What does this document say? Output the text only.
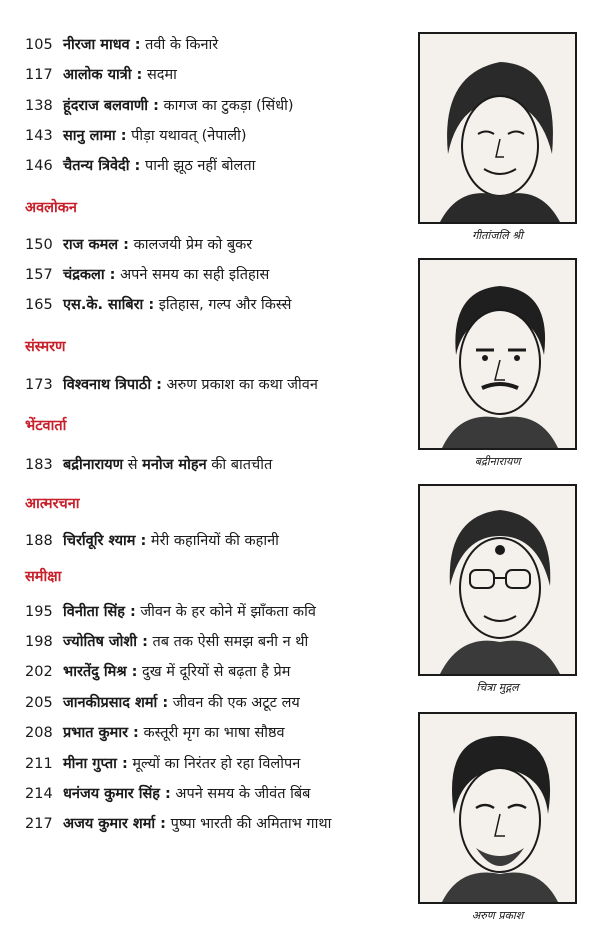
105 नीरजा माधव : तवी के किनारे
117 आलोक यात्री : सदमा
138 हूंदराज बलवाणी : कागज का टुकड़ा (सिंधी)
143 सानु लामा : पीड़ा यथावत् (नेपाली)
146 चैतन्य त्रिवेदी : पानी झूठ नहीं बोलता
अवलोकन
150 राज कमल : कालजयी प्रेम को बुकर
157 चंद्रकला : अपने समय का सही इतिहास
165 एस.के. साबिरा : इतिहास, गल्प और किस्से
संस्मरण
173 विश्वनाथ त्रिपाठी : अरुण प्रकाश का कथा जीवन
भेंटवार्ता
183 बद्रीनारायण से मनोज मोहन की बातचीत
आत्मरचना
188 चिर्रावूरि श्याम : मेरी कहानियों की कहानी
समीक्षा
195 विनीता सिंह : जीवन के हर कोने में झाँकता कवि
198 ज्योतिष जोशी : तब तक ऐसी समझ बनी न थी
202 भारतेंदु मिश्र : दुख में दूरियों से बढ़ता है प्रेम
205 जानकीप्रसाद शर्मा : जीवन की एक अटूट लय
208 प्रभात कुमार : कस्तूरी मृग का भाषा सौष्ठव
211 मीना गुप्ता : मूल्यों का निरंतर हो रहा विलोपन
214 धनंजय कुमार सिंह : अपने समय के जीवंत बिंब
217 अजय कुमार शर्मा : पुष्पा भारती की अमिताभ गाथा
गीतांजलि श्री
बद्रीनारायण
चित्रा मुद्गल
अरुण प्रकाश
